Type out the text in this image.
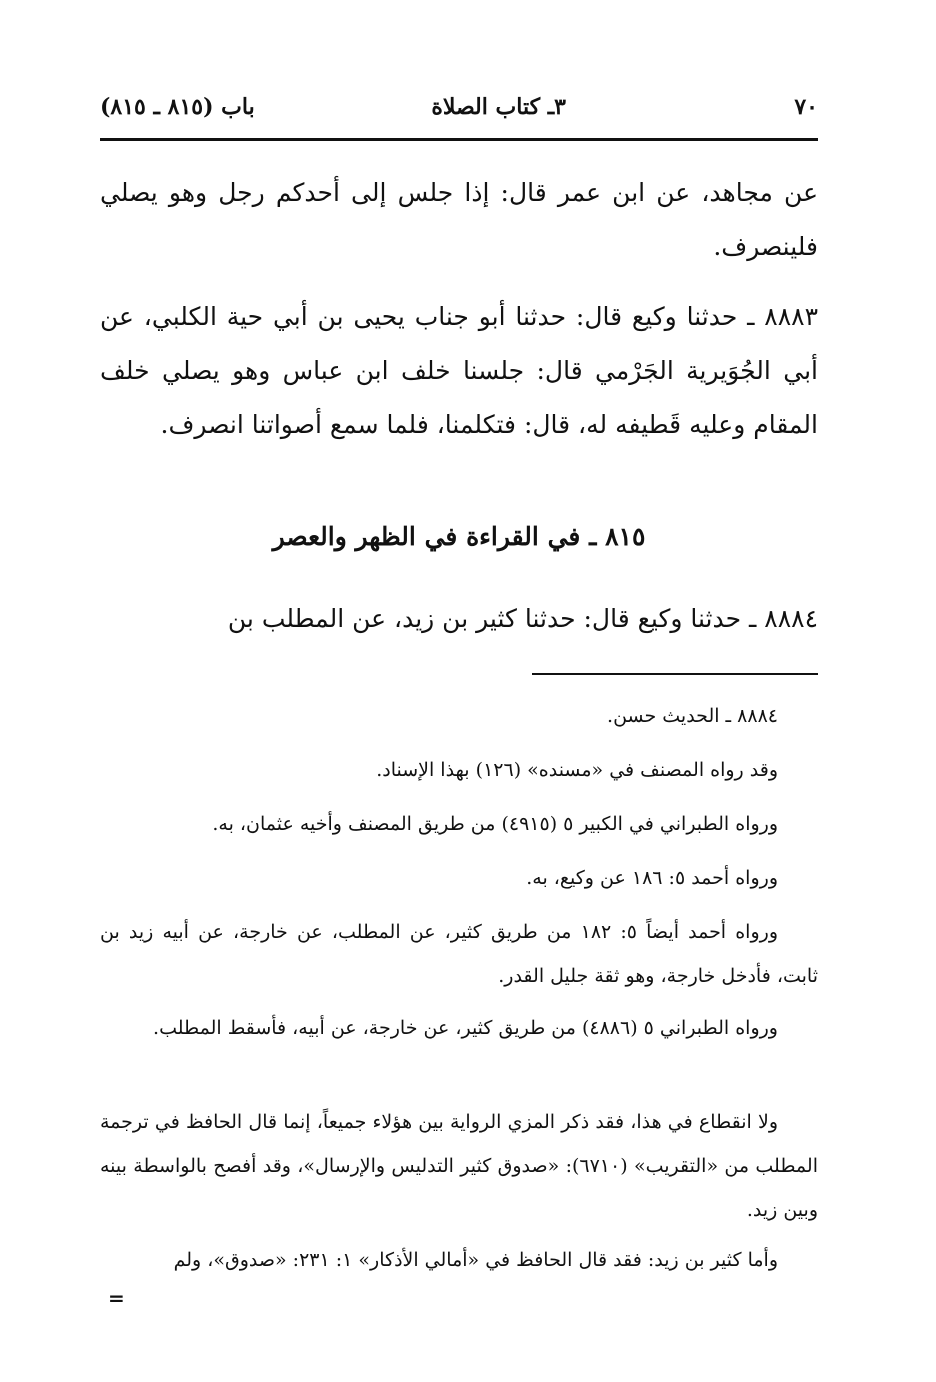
٧٠
٣ـ كتاب الصلاة
باب (٨١٥ ـ ٨١٥)
عن مجاهد، عن ابن عمر قال: إذا جلس إلى أحدكم رجل وهو يصلي فلينصرف.
٨٨٨٣ ـ حدثنا وكيع قال: حدثنا أبو جناب يحيى بن أبي حية الكلبي، عن أبي الجُوَيرية الجَرْمي قال: جلسنا خلف ابن عباس وهو يصلي خلف المقام وعليه قَطيفه له، قال: فتكلمنا، فلما سمع أصواتنا انصرف.
٨١٥ ـ في القراءة في الظهر والعصر
٨٨٨٤ ـ حدثنا وكيع قال: حدثنا كثير بن زيد، عن المطلب بن
٨٨٨٤ ـ الحديث حسن.
وقد رواه المصنف في «مسنده» (١٢٦) بهذا الإسناد.
ورواه الطبراني في الكبير ٥ (٤٩١٥) من طريق المصنف وأخيه عثمان، به.
ورواه أحمد ٥: ١٨٦ عن وكيع، به.
ورواه أحمد أيضاً ٥: ١٨٢ من طريق كثير، عن المطلب، عن خارجة، عن أبيه زيد بن ثابت، فأدخل خارجة، وهو ثقة جليل القدر.
ورواه الطبراني ٥ (٤٨٨٦) من طريق كثير، عن خارجة، عن أبيه، فأسقط المطلب.
ولا انقطاع في هذا، فقد ذكر المزي الرواية بين هؤلاء جميعاً، إنما قال الحافظ في ترجمة المطلب من «التقريب» (٦٧١٠): «صدوق كثير التدليس والإرسال»، وقد أفصح بالواسطة بينه وبين زيد.
وأما كثير بن زيد: فقد قال الحافظ في «أمالي الأذكار» ١: ٢٣١: «صدوق»، ولم
=
